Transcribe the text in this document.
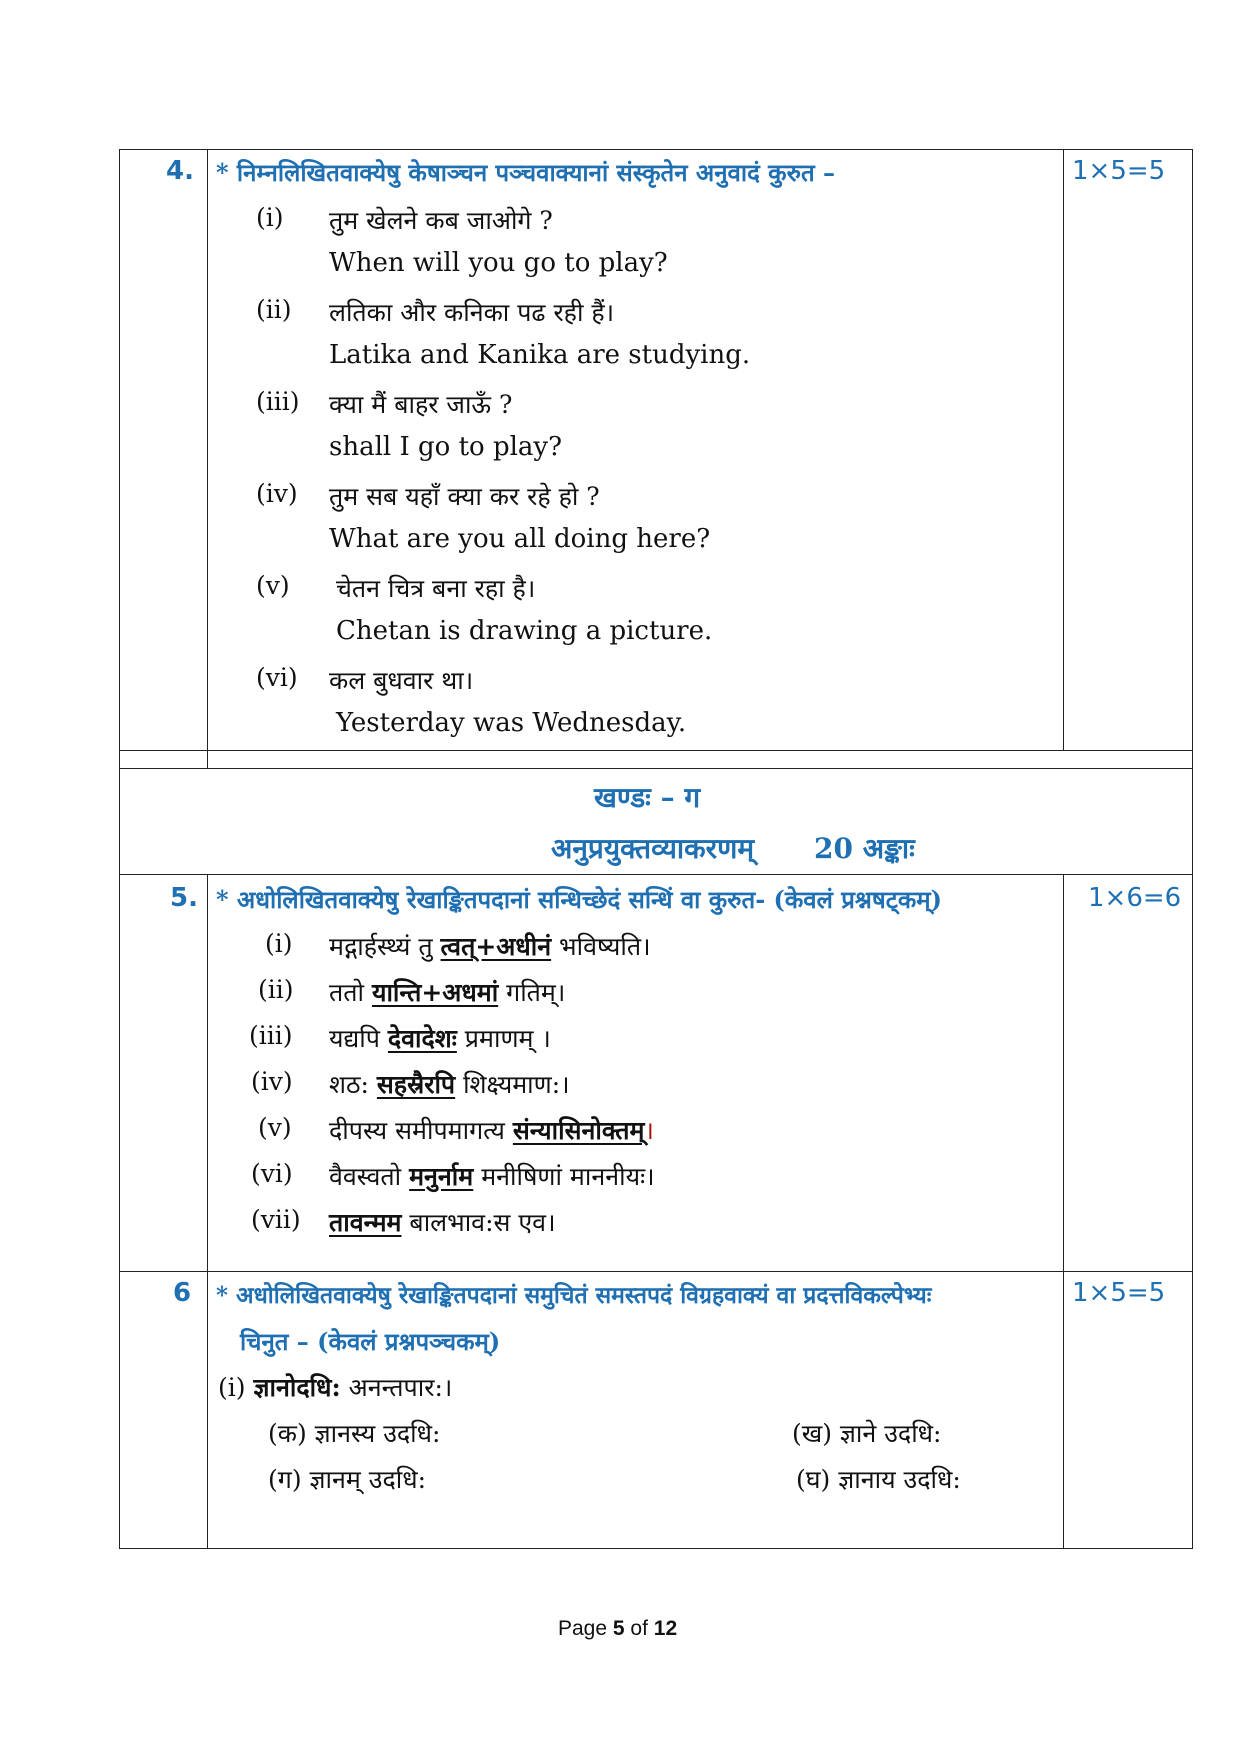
4. * निम्नलिखितवाक्येषु केषाञ्चन पञ्चवाक्यानां संस्कृतेन अनुवादं कुरुत –	1×5=5
(i) तुम खेलने कब जाओगे ?
When will you go to play?
(ii) लतिका और कनिका पढ रही हैं।
Latika and Kanika are studying.
(iii) क्या मैं बाहर जाऊँ ?
shall I go to play?
(iv) तुम सब यहाँ क्या कर रहे हो ?
What are you all doing here?
(v) चेतन चित्र बना रहा है।
Chetan is drawing a picture.
(vi) कल बुधवार था।
Yesterday was Wednesday.
खण्डः – ग
अनुप्रयुक्तव्याकरणम् 20 अङ्काः
5. * अधोलिखितवाक्येषु रेखाङ्कितपदानां सन्धिच्छेदं सन्धिं वा कुरुत- (केवलं प्रश्नषट्कम्)	1×6=6
(i) मद्गार्हस्थ्यं तु त्वत्+अधीनं भविष्यति।
(ii) ततो यान्ति+अधमां गतिम्।
(iii) यद्यपि देवादेशः प्रमाणम् ।
(iv) शठ: सहस्रैरपि शिक्ष्यमाण:।
(v) दीपस्य समीपमागत्य संन्यासिनोक्तम्।
(vi) वैवस्वतो मनुर्नाम मनीषिणां माननीयः।
(vii) तावन्मम बालभाव:स एव।
6 * अधोलिखितवाक्येषु रेखाङ्कितपदानां समुचितं समस्तपदं विग्रहवाक्यं वा प्रदत्तविकल्पेभ्यः
चिनुत – (केवलं प्रश्नपञ्चकम्)
1×5=5
(i) ज्ञानोदधि: अनन्तपार:।
(क) ज्ञानस्य उदधि:	(ख) ज्ञाने उदधि:
(ग) ज्ञानम् उदधि:	(घ) ज्ञानाय उदधि:
Page 5 of 12
